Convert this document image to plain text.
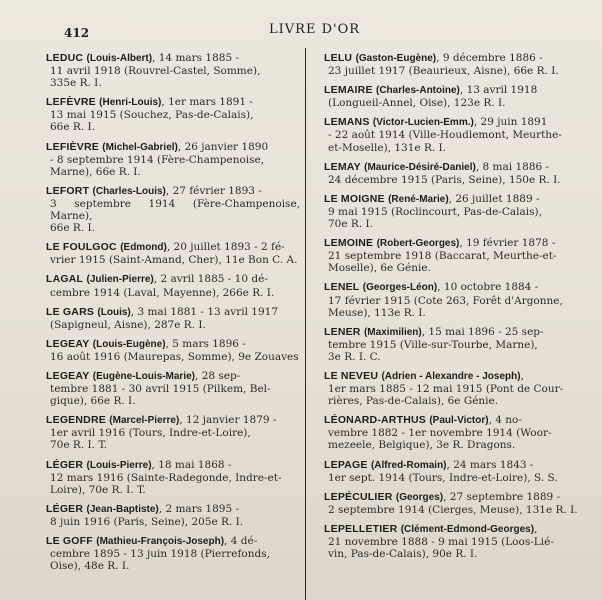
412	LIVRE D'OR
LEDUC (Louis-Albert), 14 mars 1885 -
11 avril 1918 (Rouvrel-Castel, Somme),
335e R. I.
LEFÈVRE (Henri-Louis), 1er mars 1891 -
13 mai 1915 (Souchez, Pas-de-Calais),
66e R. I.
LEFIÈVRE (Michel-Gabriel), 26 janvier 1890
- 8 septembre 1914 (Fère-Champenoise,
Marne), 66e R. I.
LEFORT (Charles-Louis), 27 février 1893 -
3 septembre 1914 (Fère-Champenoise, Marne),
66e R. I.
LE FOULGOC (Edmond), 20 juillet 1893 - 2 fé-
vrier 1915 (Saint-Amand, Cher), 11e Bon C. A.
LAGAL (Julien-Pierre), 2 avril 1885 - 10 dé-
cembre 1914 (Laval, Mayenne), 266e R. I.
LE GARS (Louis), 3 mai 1881 - 13 avril 1917
(Sapigneul, Aisne), 287e R. I.
LEGEAY (Louis-Eugène), 5 mars 1896 -
16 août 1916 (Maurepas, Somme), 9e Zouaves
LEGEAY (Eugène-Louis-Marie), 28 sep-
tembre 1881 - 30 avril 1915 (Pilkem, Bel-
gique), 66e R. I.
LEGENDRE (Marcel-Pierre), 12 janvier 1879 -
1er avril 1916 (Tours, Indre-et-Loire),
70e R. I. T.
LÉGER (Louis-Pierre), 18 mai 1868 -
12 mars 1916 (Sainte-Radegonde, Indre-et-
Loire), 70e R. I. T.
LÉGER (Jean-Baptiste), 2 mars 1895 -
8 juin 1916 (Paris, Seine), 205e R. I.
LE GOFF (Mathieu-François-Joseph), 4 dé-
cembre 1895 - 13 juin 1918 (Pierrefonds,
Oise), 48e R. I.
LELU (Gaston-Eugène), 9 décembre 1886 -
23 juillet 1917 (Beaurieux, Aisne), 66e R. I.
LEMAIRE (Charles-Antoine), 13 avril 1918
(Longueil-Annel, Oise), 123e R. I.
LEMANS (Victor-Lucien-Emm.), 29 juin 1891
- 22 août 1914 (Ville-Houdlemont, Meurthe-
et-Moselle), 131e R. I.
LEMAY (Maurice-Désiré-Daniel), 8 mai 1886 -
24 décembre 1915 (Paris, Seine), 150e R. I.
LE MOIGNE (René-Marie), 26 juillet 1889 -
9 mai 1915 (Roclincourt, Pas-de-Calais),
70e R. I.
LEMOINE (Robert-Georges), 19 février 1878 -
21 septembre 1918 (Baccarat, Meurthe-et-
Moselle), 6e Génie.
LENEL (Georges-Léon), 10 octobre 1884 -
17 février 1915 (Cote 263, Forêt d'Argonne,
Meuse), 113e R. I.
LENER (Maximilien), 15 mai 1896 - 25 sep-
tembre 1915 (Ville-sur-Tourbe, Marne),
3e R. I. C.
LE NEVEU (Adrien - Alexandre - Joseph),
1er mars 1885 - 12 mai 1915 (Pont de Cour-
rières, Pas-de-Calais), 6e Génie.
LÉONARD-ARTHUS (Paul-Victor), 4 no-
vembre 1882 - 1er novembre 1914 (Woor-
mezeele, Belgique), 3e R. Dragons.
LEPAGE (Alfred-Romain), 24 mars 1843 -
1er sept. 1914 (Tours, Indre-et-Loire), S. S.
LEPÉCULIER (Georges), 27 septembre 1889 -
2 septembre 1914 (Cierges, Meuse), 131e R. I.
LEPELLETIER (Clément-Edmond-Georges),
21 novembre 1888 - 9 mai 1915 (Loos-Lié-
vin, Pas-de-Calais), 90e R. I.
